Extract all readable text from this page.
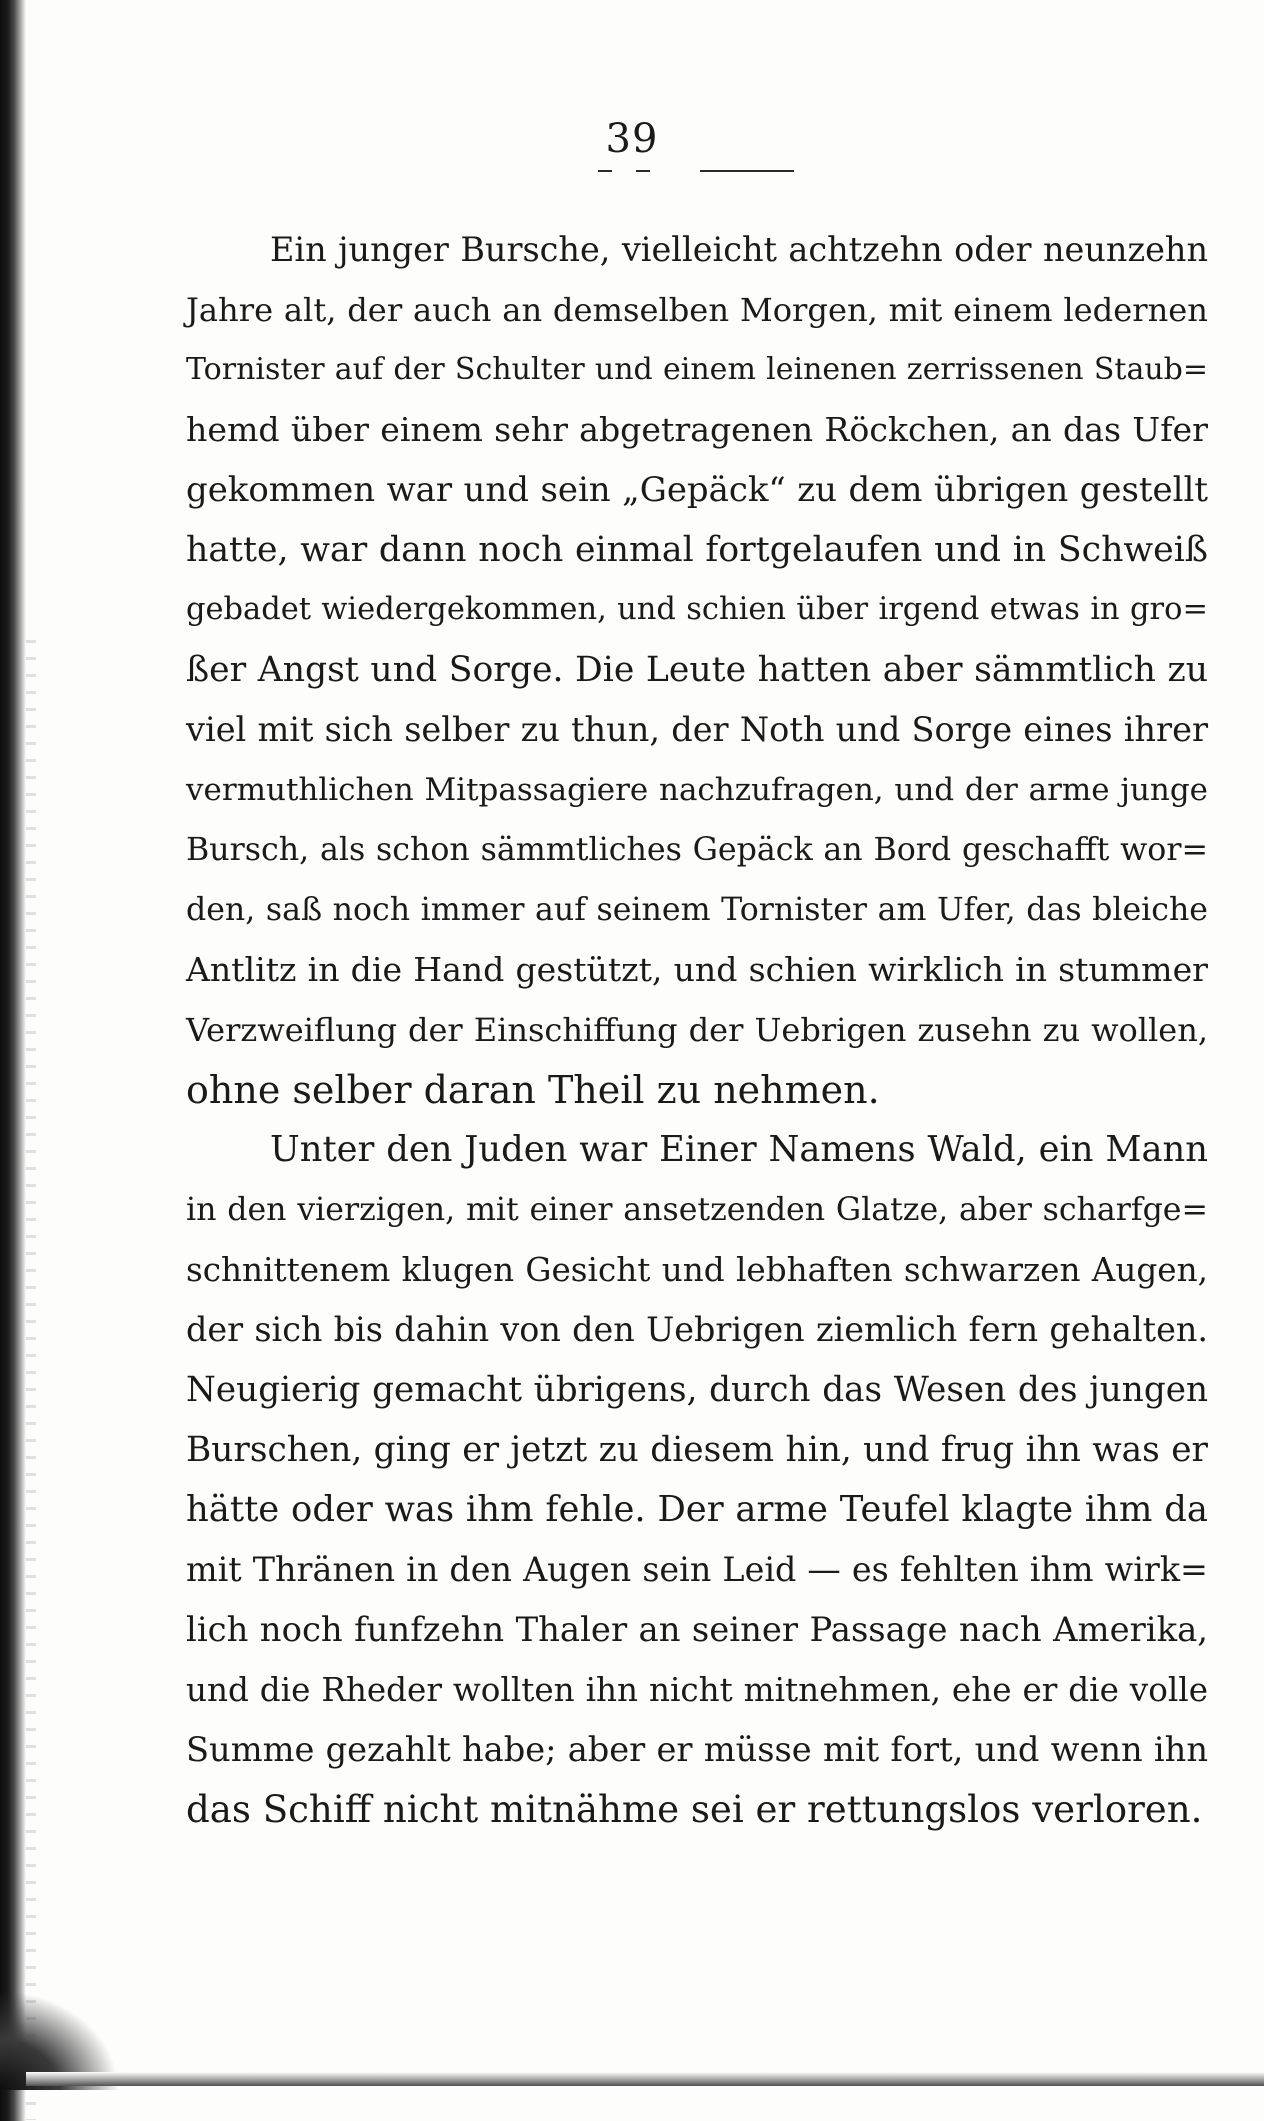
39
Ein junger Bursche, vielleicht achtzehn oder neunzehn
Jahre alt, der auch an demselben Morgen, mit einem ledernen
Tornister auf der Schulter und einem leinenen zerrissenen Staub=
hemd über einem sehr abgetragenen Röckchen, an das Ufer
gekommen war und sein „Gepäck“ zu dem übrigen gestellt
hatte, war dann noch einmal fortgelaufen und in Schweiß
gebadet wiedergekommen, und schien über irgend etwas in gro=
ßer Angst und Sorge. Die Leute hatten aber sämmtlich zu
viel mit sich selber zu thun, der Noth und Sorge eines ihrer
vermuthlichen Mitpassagiere nachzufragen, und der arme junge
Bursch, als schon sämmtliches Gepäck an Bord geschafft wor=
den, saß noch immer auf seinem Tornister am Ufer, das bleiche
Antlitz in die Hand gestützt, und schien wirklich in stummer
Verzweiflung der Einschiffung der Uebrigen zusehn zu wollen,
ohne selber daran Theil zu nehmen.
Unter den Juden war Einer Namens Wald, ein Mann
in den vierzigen, mit einer ansetzenden Glatze, aber scharfge=
schnittenem klugen Gesicht und lebhaften schwarzen Augen,
der sich bis dahin von den Uebrigen ziemlich fern gehalten.
Neugierig gemacht übrigens, durch das Wesen des jungen
Burschen, ging er jetzt zu diesem hin, und frug ihn was er
hätte oder was ihm fehle. Der arme Teufel klagte ihm da
mit Thränen in den Augen sein Leid — es fehlten ihm wirk=
lich noch funfzehn Thaler an seiner Passage nach Amerika,
und die Rheder wollten ihn nicht mitnehmen, ehe er die volle
Summe gezahlt habe; aber er müsse mit fort, und wenn ihn
das Schiff nicht mitnähme sei er rettungslos verloren.
